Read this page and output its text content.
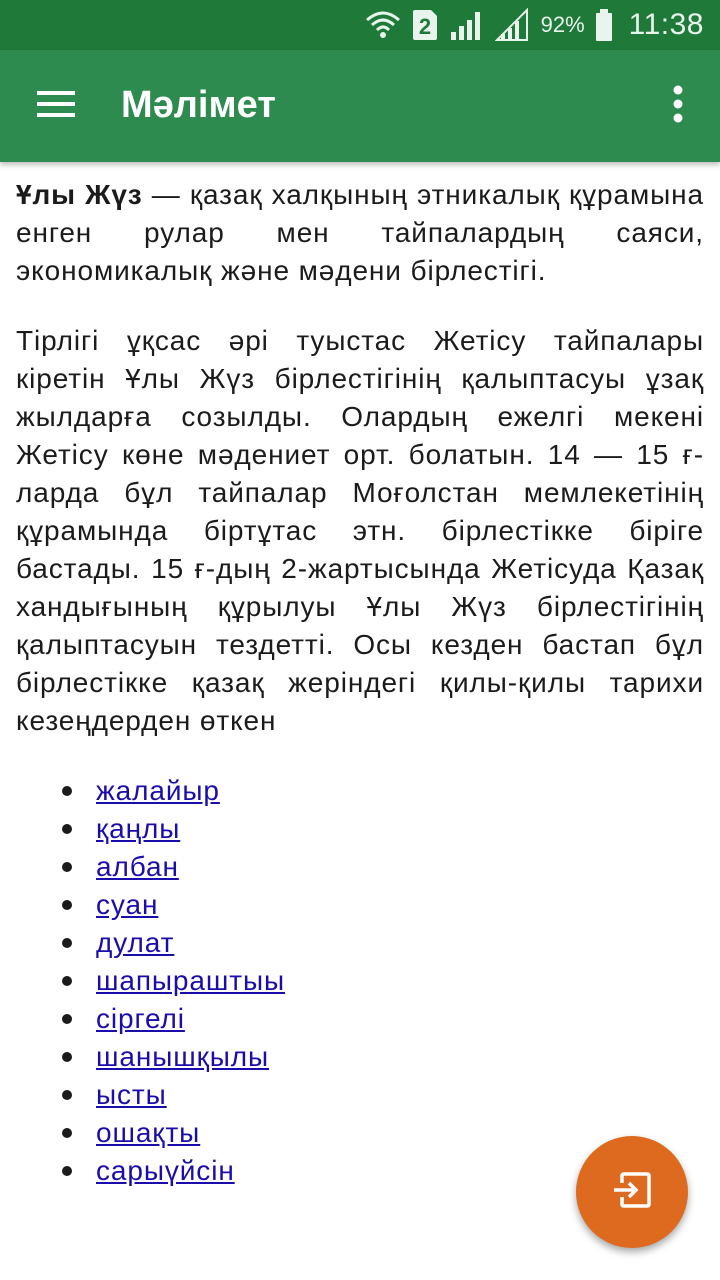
2	92% 11:38
Мәлімет

Ұлы Жүз — қазақ халқының этникалық құрамына енген рулар мен тайпалардың саяси, экономикалық және мәдени бірлестігі.

Тірлігі ұқсас әрі туыстас Жетісу тайпалары кіретін Ұлы Жүз бірлестігінің қалыптасуы ұзақ жылдарға созылды. Олардың ежелгі мекені Жетісу көне мәдениет орт. болатын. 14 — 15 ғ-ларда бұл тайпалар Моғолстан мемлекетінің құрамында біртұтас этн. бірлестікке біріге бастады. 15 ғ-дың 2-жартысында Жетісуда Қазақ хандығының құрылуы Ұлы Жүз бірлестігінің қалыптасуын тездетті. Осы кезден бастап бұл бірлестікке қазақ жеріндегі қилы-қилы тарихи кезеңдерден өткен

жалайыр
қаңлы
албан
суан
дулат
шапыраштыы
сіргелі
шанышқылы
ысты
ошақты
сарыүйсін
